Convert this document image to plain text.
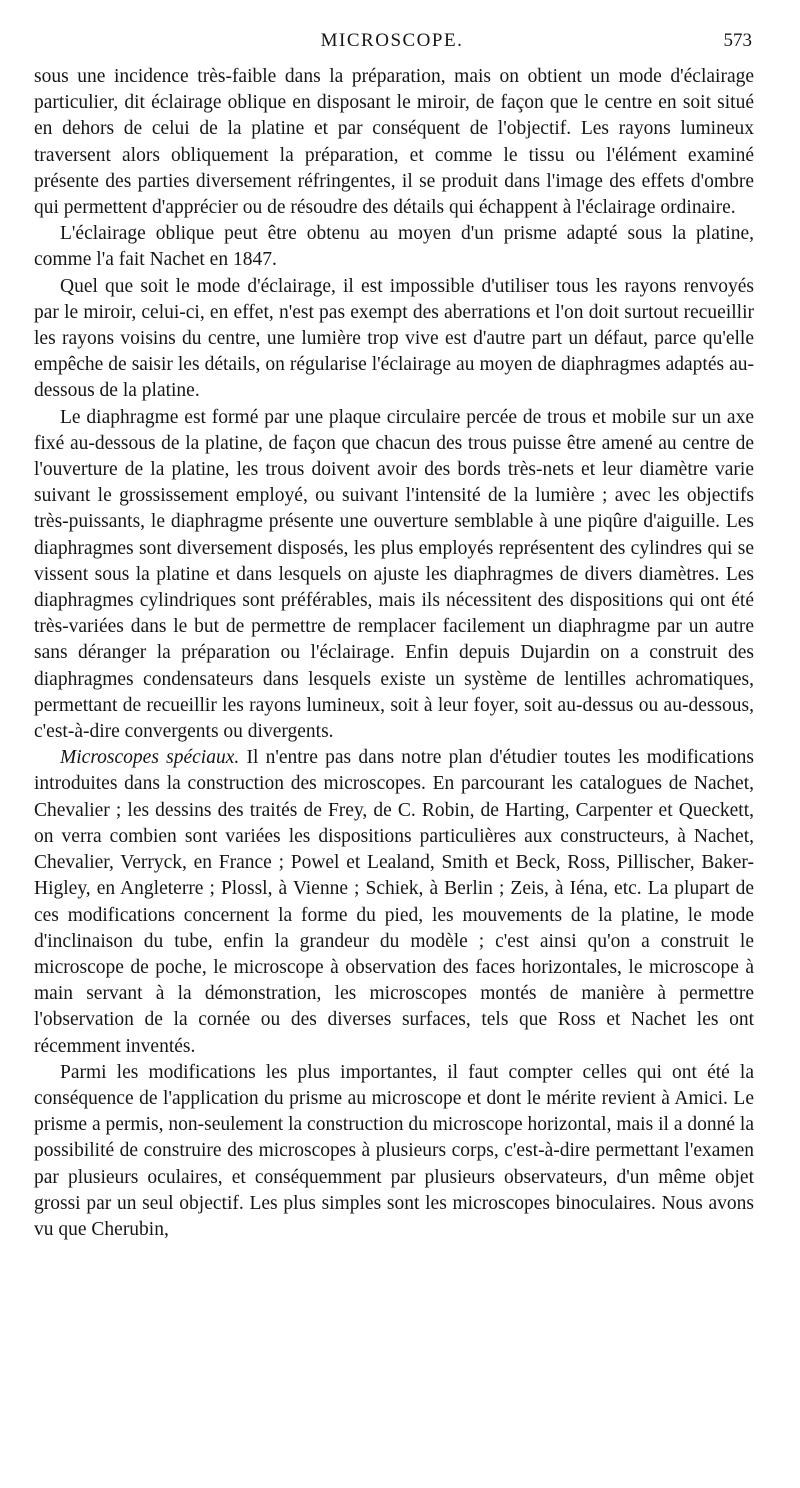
MICROSCOPE.	573

sous une incidence très-faible dans la préparation, mais on obtient un mode d'éclairage particulier, dit éclairage oblique en disposant le miroir, de façon que le centre en soit situé en dehors de celui de la platine et par conséquent de l'objectif. Les rayons lumineux traversent alors obliquement la préparation, et comme le tissu ou l'élément examiné présente des parties diversement réfringentes, il se produit dans l'image des effets d'ombre qui permettent d'apprécier ou de résoudre des détails qui échappent à l'éclairage ordinaire.

L'éclairage oblique peut être obtenu au moyen d'un prisme adapté sous la platine, comme l'a fait Nachet en 1847.

Quel que soit le mode d'éclairage, il est impossible d'utiliser tous les rayons renvoyés par le miroir, celui-ci, en effet, n'est pas exempt des aberrations et l'on doit surtout recueillir les rayons voisins du centre, une lumière trop vive est d'autre part un défaut, parce qu'elle empêche de saisir les détails, on régularise l'éclairage au moyen de diaphragmes adaptés au-dessous de la platine.

Le diaphragme est formé par une plaque circulaire percée de trous et mobile sur un axe fixé au-dessous de la platine, de façon que chacun des trous puisse être amené au centre de l'ouverture de la platine, les trous doivent avoir des bords très-nets et leur diamètre varie suivant le grossissement employé, ou suivant l'intensité de la lumière ; avec les objectifs très-puissants, le diaphragme présente une ouverture semblable à une piqûre d'aiguille. Les diaphragmes sont diversement disposés, les plus employés représentent des cylindres qui se vissent sous la platine et dans lesquels on ajuste les diaphragmes de divers diamètres. Les diaphragmes cylindriques sont préférables, mais ils nécessitent des dispositions qui ont été très-variées dans le but de permettre de remplacer facilement un diaphragme par un autre sans déranger la préparation ou l'éclairage. Enfin depuis Dujardin on a construit des diaphragmes condensateurs dans lesquels existe un système de lentilles achromatiques, permettant de recueillir les rayons lumineux, soit à leur foyer, soit au-dessus ou au-dessous, c'est-à-dire convergents ou divergents.

Microscopes spéciaux. Il n'entre pas dans notre plan d'étudier toutes les modifications introduites dans la construction des microscopes. En parcourant les catalogues de Nachet, Chevalier ; les dessins des traités de Frey, de C. Robin, de Harting, Carpenter et Queckett, on verra combien sont variées les dispositions particulières aux constructeurs, à Nachet, Chevalier, Verryck, en France ; Powel et Lealand, Smith et Beck, Ross, Pillischer, Baker-Higley, en Angleterre ; Plossl, à Vienne ; Schiek, à Berlin ; Zeis, à Iéna, etc. La plupart de ces modifications concernent la forme du pied, les mouvements de la platine, le mode d'inclinaison du tube, enfin la grandeur du modèle ; c'est ainsi qu'on a construit le microscope de poche, le microscope à observation des faces horizontales, le microscope à main servant à la démonstration, les microscopes montés de manière à permettre l'observation de la cornée ou des diverses surfaces, tels que Ross et Nachet les ont récemment inventés.

Parmi les modifications les plus importantes, il faut compter celles qui ont été la conséquence de l'application du prisme au microscope et dont le mérite revient à Amici. Le prisme a permis, non-seulement la construction du microscope horizontal, mais il a donné la possibilité de construire des microscopes à plusieurs corps, c'est-à-dire permettant l'examen par plusieurs oculaires, et conséquemment par plusieurs observateurs, d'un même objet grossi par un seul objectif. Les plus simples sont les microscopes binoculaires. Nous avons vu que Cherubin,
